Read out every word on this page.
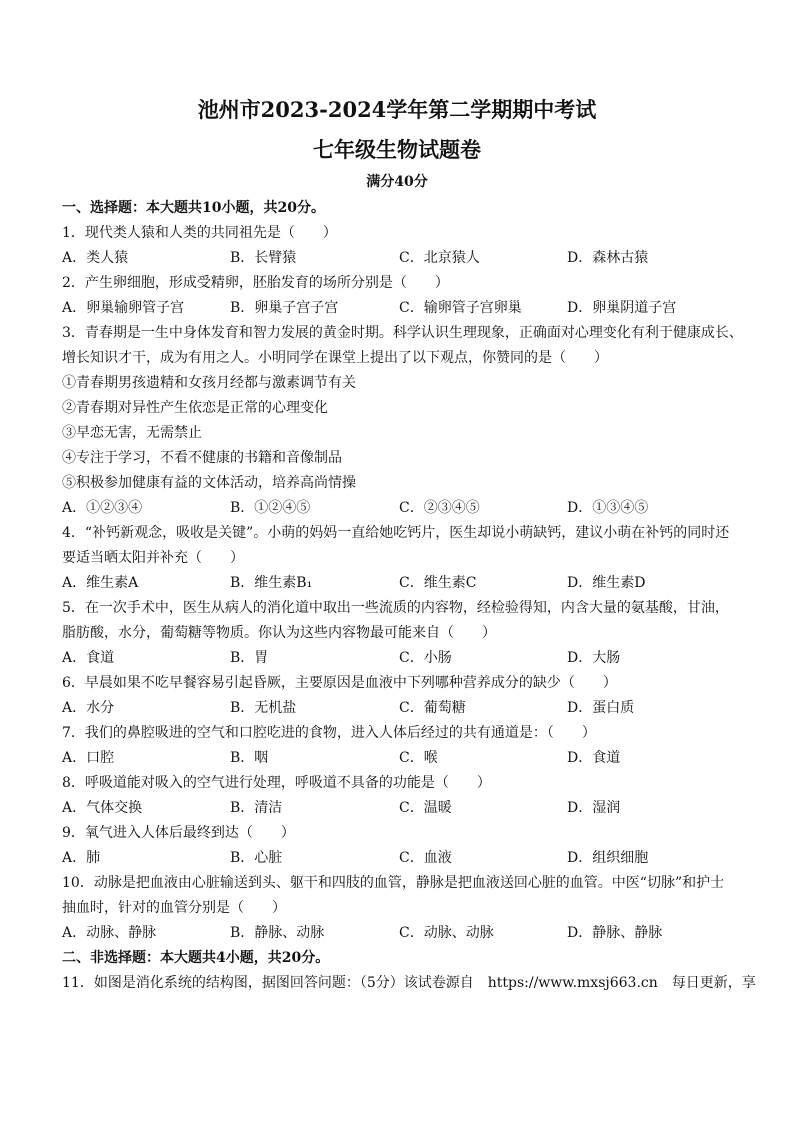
池州市2023-2024学年第二学期期中考试
七年级生物试题卷
满分40分
一、选择题：本大题共10小题，共20分。
1．现代类人猿和人类的共同祖先是（　　）
A．类人猿	B．长臂猿	C．北京猿人	D．森林古猿
2．产生卵细胞，形成受精卵，胚胎发育的场所分别是（　　）
A．卵巢输卵管子宫	B．卵巢子宫子宫	C．输卵管子宫卵巢	D．卵巢阴道子宫
3．青春期是一生中身体发育和智力发展的黄金时期。科学认识生理现象，正确面对心理变化有利于健康成长、
增长知识才干，成为有用之人。小明同学在课堂上提出了以下观点，你赞同的是（　　）
①青春期男孩遗精和女孩月经都与激素调节有关
②青春期对异性产生依恋是正常的心理变化
③早恋无害，无需禁止
④专注于学习，不看不健康的书籍和音像制品
⑤积极参加健康有益的文体活动，培养高尚情操
A．①②③④	B．①②④⑤	C．②③④⑤	D．①③④⑤
4．“补钙新观念，吸收是关键”。小萌的妈妈一直给她吃钙片，医生却说小萌缺钙，建议小萌在补钙的同时还
要适当晒太阳并补充（　　）
A．维生素A	B．维生素B₁	C．维生素C	D．维生素D
5．在一次手术中，医生从病人的消化道中取出一些流质的内容物，经检验得知，内含大量的氨基酸，甘油，
脂肪酸，水分，葡萄糖等物质。你认为这些内容物最可能来自（　　）
A．食道	B．胃	C．小肠	D．大肠
6．早晨如果不吃早餐容易引起昏厥，主要原因是血液中下列哪种营养成分的缺少（　　）
A．水分	B．无机盐	C．葡萄糖	D．蛋白质
7．我们的鼻腔吸进的空气和口腔吃进的食物，进入人体后经过的共有通道是：（　　）
A．口腔	B．咽	C．喉	D．食道
8．呼吸道能对吸入的空气进行处理，呼吸道不具备的功能是（　　）
A．气体交换	B．清洁	C．温暖	D．湿润
9．氧气进入人体后最终到达（　　）
A．肺	B．心脏	C．血液	D．组织细胞
10．动脉是把血液由心脏输送到头、躯干和四肢的血管，静脉是把血液送回心脏的血管。中医“切脉”和护士
抽血时，针对的血管分别是（　　）
A．动脉、静脉	B．静脉、动脉	C．动脉、动脉	D．静脉、静脉
二、非选择题：本大题共4小题，共20分。
11．如图是消化系统的结构图，据图回答问题：（5分）该试卷源自　https://www.mxsj663.cn　每日更新，享
